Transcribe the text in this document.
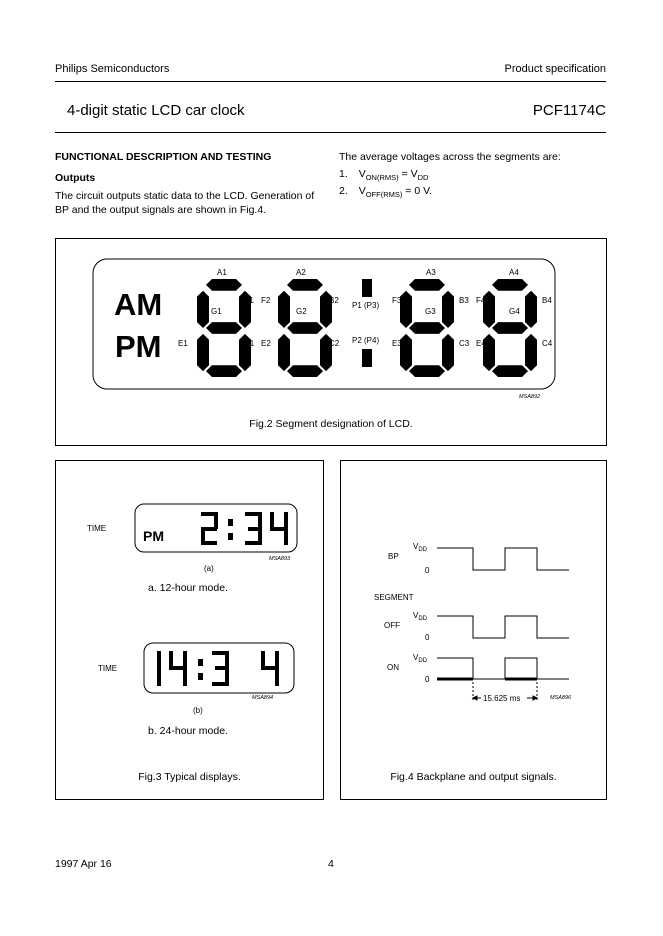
Philips Semiconductors	Product specification
4-digit static LCD car clock	PCF1174C
FUNCTIONAL DESCRIPTION AND TESTING
Outputs
The circuit outputs static data to the LCD. Generation of
BP and the output signals are shown in Fig.4.
The average voltages across the segments are:
1. $V_{ON(RMS)} = V_{DD}$
2. $V_{OFF(RMS)} = 0$ V.
AM
PM
A1
B1 F2
G1
E1	C1 E2
D1
A2
B2
G2
C2
D2
P1 (P3)
P2 (P4)
F3
A3
G3
B3 F4
E3	C3 E4
D3
A4
G4
B4
C4
D4
MSA892
Fig.2 Segment designation of LCD.
TIME	PM
MSA893
(a)
TIME
MSA894
(b)
a. 12-hour mode.
b. 24-hour mode.
Fig.3 Typical displays.
$V_{DD}$
BP
0
SEGMENT
$V_{DD}$
OFF
0
$V_{DD}$
ON
0
15.625 ms	MSA896
Fig.4 Backplane and output signals.
1997 Apr 16	4
